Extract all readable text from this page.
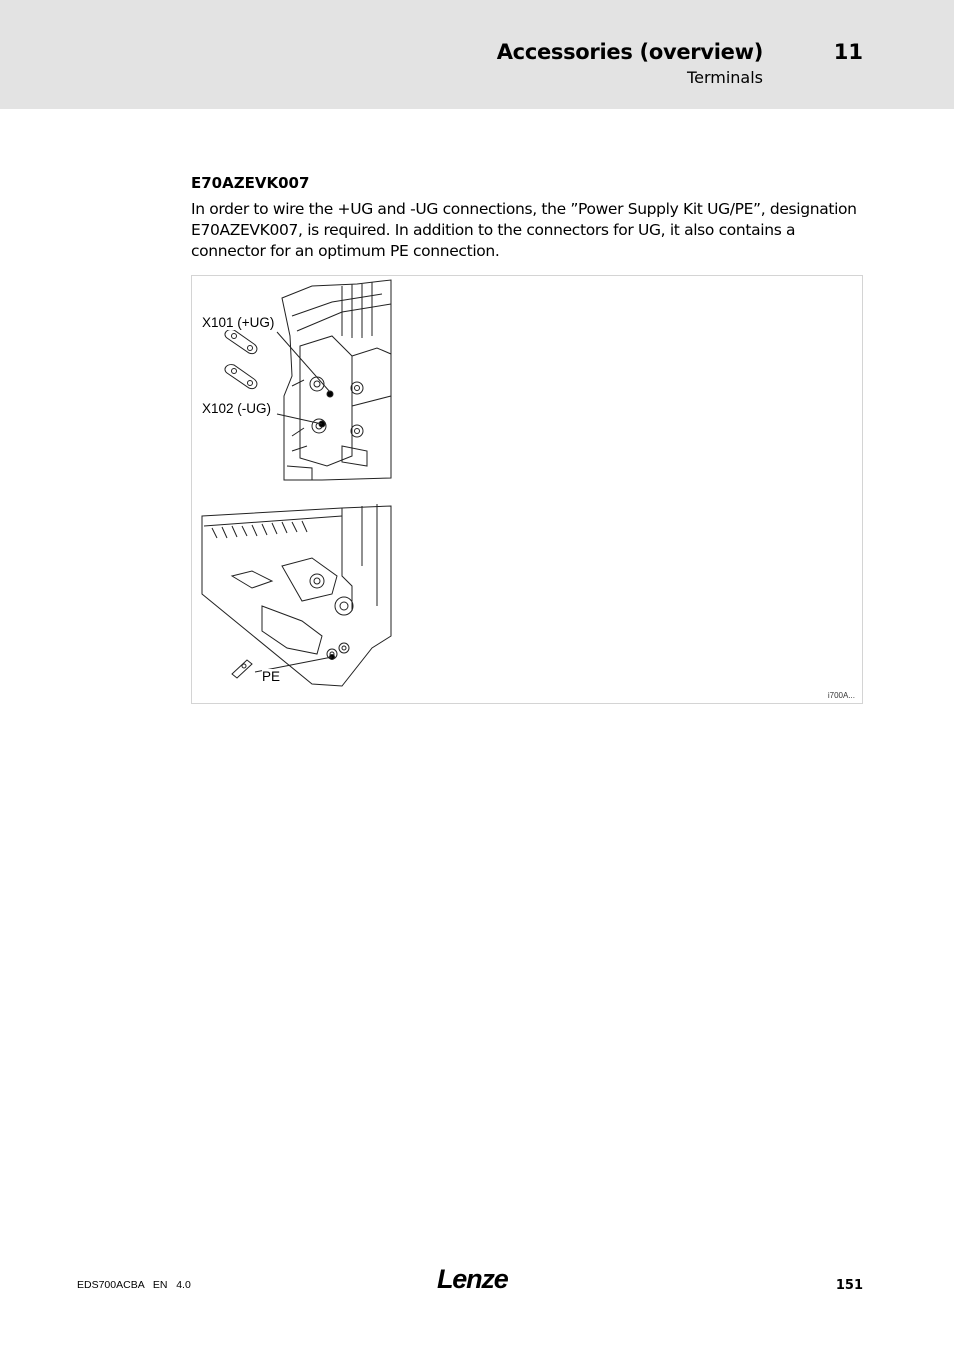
Accessories (overview)	11
Terminals
E70AZEVK007
In order to wire the +UG and -UG connections, the ”Power Supply Kit UG/PE”, designation E70AZEVK007, is required. In addition to the connectors for UG, it also contains a connector for an optimum PE connection.
X101 (+UG)
X102 (-UG)
PE
i700A...
EDS700ACBA   EN   4.0	Lenze	151
